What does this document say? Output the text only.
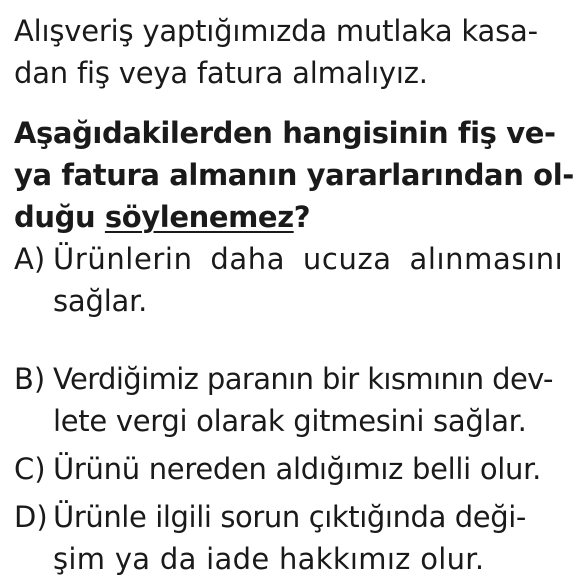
Alışveriş yaptığımızda mutlaka kasa-
dan fiş veya fatura almalıyız.
Aşağıdakilerden hangisinin fiş ve-
ya fatura almanın yararlarından ol-
duğu söylenemez?
A) Ürünlerin daha ucuza alınmasını
sağlar.
B) Verdiğimiz paranın bir kısmının dev-
lete vergi olarak gitmesini sağlar.
C) Ürünü nereden aldığımız belli olur.
D) Ürünle ilgili sorun çıktığında deği-
şim ya da iade hakkımız olur.
